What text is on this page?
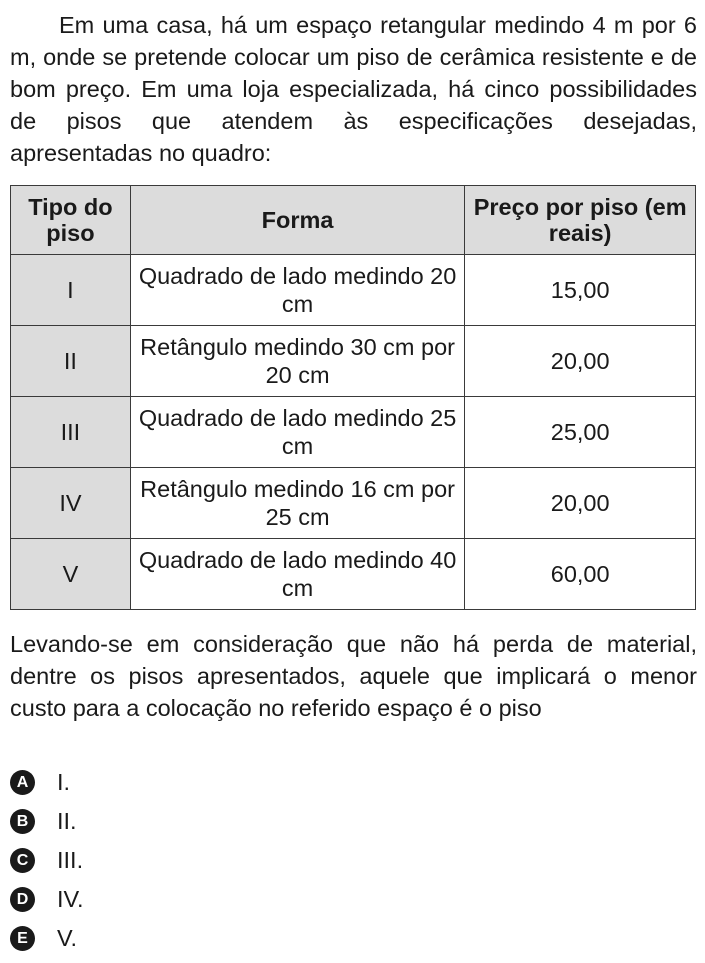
Em uma casa, há um espaço retangular medindo 4 m por 6 m, onde se pretende colocar um piso de cerâmica resistente e de bom preço. Em uma loja especializada, há cinco possibilidades de pisos que atendem às especificações desejadas, apresentadas no quadro:

Tipo do piso	Forma	Preço por piso (em reais)
I	Quadrado de lado medindo 20 cm	15,00
II	Retângulo medindo 30 cm por 20 cm	20,00
III	Quadrado de lado medindo 25 cm	25,00
IV	Retângulo medindo 16 cm por 25 cm	20,00
V	Quadrado de lado medindo 40 cm	60,00

Levando-se em consideração que não há perda de material, dentre os pisos apresentados, aquele que implicará o menor custo para a colocação no referido espaço é o piso

A I.
B II.
C III.
D IV.
E	V.
